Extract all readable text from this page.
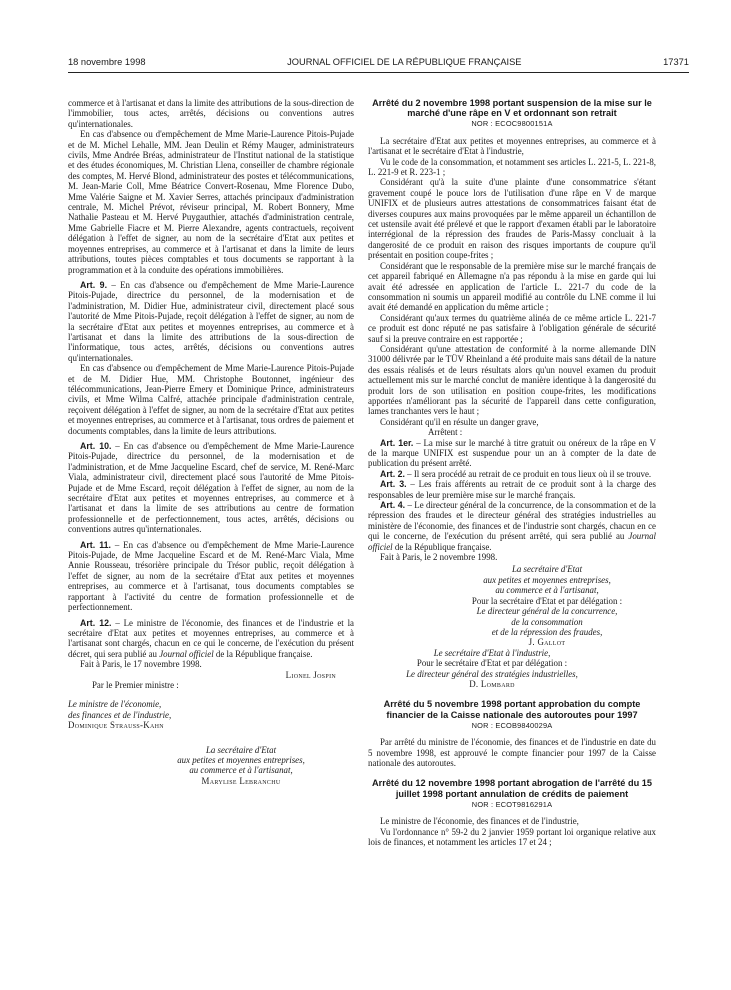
18 novembre 1998	JOURNAL OFFICIEL DE LA RÉPUBLIQUE FRANÇAISE	17371

commerce et à l'artisanat et dans la limite des attributions de la sous-direction de l'immobilier, tous actes, arrêtés, décisions ou conventions autres qu'internationales.

En cas d'absence ou d'empêchement de Mme Marie-Laurence Pitois-Pujade et de M. Michel Lehalle, MM. Jean Deulin et Rémy Mauger, administrateurs civils, Mme Andrée Bréas, administrateur de l'Institut national de la statistique et des études économiques, M. Christian Llena, conseiller de chambre régionale des comptes, M. Hervé Blond, administrateur des postes et télécommunications, M. Jean-Marie Coll, Mme Béatrice Convert-Rosenau, Mme Florence Dubo, Mme Valérie Saigne et M. Xavier Serres, attachés principaux d'administration centrale, M. Michel Prévot, réviseur principal, M. Robert Bonnery, Mme Nathalie Pasteau et M. Hervé Puygauthier, attachés d'administration centrale, Mme Gabrielle Fiacre et M. Pierre Alexandre, agents contractuels, reçoivent délégation à l'effet de signer, au nom de la secrétaire d'Etat aux petites et moyennes entreprises, au commerce et à l'artisanat et dans la limite de leurs attributions, toutes pièces comptables et tous documents se rapportant à la programmation et à la conduite des opérations immobilières.

Art. 9. – En cas d'absence ou d'empêchement de Mme Marie-Laurence Pitois-Pujade, directrice du personnel, de la modernisation et de l'administration, M. Didier Hue, administrateur civil, directement placé sous l'autorité de Mme Pitois-Pujade, reçoit délégation à l'effet de signer, au nom de la secrétaire d'Etat aux petites et moyennes entreprises, au commerce et à l'artisanat et dans la limite des attributions de la sous-direction de l'informatique, tous actes, arrêtés, décisions ou conventions autres qu'internationales.

En cas d'absence ou d'empêchement de Mme Marie-Laurence Pitois-Pujade et de M. Didier Hue, MM. Christophe Boutonnet, ingénieur des télécommunications, Jean-Pierre Emery et Dominique Prince, administrateurs civils, et Mme Wilma Calfré, attachée principale d'administration centrale, reçoivent délégation à l'effet de signer, au nom de la secrétaire d'Etat aux petites et moyennes entreprises, au commerce et à l'artisanat, tous ordres de paiement et documents comptables, dans la limite de leurs attributions.

Art. 10. – En cas d'absence ou d'empêchement de Mme Marie-Laurence Pitois-Pujade, directrice du personnel, de la modernisation et de l'administration, et de Mme Jacqueline Escard, chef de service, M. René-Marc Viala, administrateur civil, directement placé sous l'autorité de Mme Pitois-Pujade et de Mme Escard, reçoit délégation à l'effet de signer, au nom de la secrétaire d'Etat aux petites et moyennes entreprises, au commerce et à l'artisanat et dans la limite de ses attributions au centre de formation professionnelle et de perfectionnement, tous actes, arrêtés, décisions ou conventions autres qu'internationales.

Art. 11. – En cas d'absence ou d'empêchement de Mme Marie-Laurence Pitois-Pujade, de Mme Jacqueline Escard et de M. René-Marc Viala, Mme Annie Rousseau, trésorière principale du Trésor public, reçoit délégation à l'effet de signer, au nom de la secrétaire d'Etat aux petites et moyennes entreprises, au commerce et à l'artisanat, tous documents comptables se rapportant à l'activité du centre de formation professionnelle et de perfectionnement.

Art. 12. – Le ministre de l'économie, des finances et de l'industrie et la secrétaire d'Etat aux petites et moyennes entreprises, au commerce et à l'artisanat sont chargés, chacun en ce qui le concerne, de l'exécution du présent décret, qui sera publié au Journal officiel de la République française.

Fait à Paris, le 17 novembre 1998.

Lionel Jospin

Par le Premier ministre :

Le ministre de l'économie,

des finances et de l'industrie,

Dominique Strauss-Kahn

La secrétaire d'Etat

aux petites et moyennes entreprises,

au commerce et à l'artisanat,

Marylise Lebranchu

Arrêté du 2 novembre 1998 portant suspension de la mise sur le marché d'une râpe en V et ordonnant son retrait
NOR : ECOC9800151A

La secrétaire d'Etat aux petites et moyennes entreprises, au commerce et à l'artisanat et le secrétaire d'Etat à l'industrie,

Vu le code de la consommation, et notamment ses articles L. 221-5, L. 221-8, L. 221-9 et R. 223-1 ;

Considérant qu'à la suite d'une plainte d'une consommatrice s'étant gravement coupé le pouce lors de l'utilisation d'une râpe en V de marque UNIFIX et de plusieurs autres attestations de consommatrices faisant état de diverses coupures aux mains provoquées par le même appareil un échantillon de cet ustensile avait été prélevé et que le rapport d'examen établi par le laboratoire interrégional de la répression des fraudes de Paris-Massy concluait à la dangerosité de ce produit en raison des risques importants de coupure qu'il présentait en position coupe-frites ;

Considérant que le responsable de la première mise sur le marché français de cet appareil fabriqué en Allemagne n'a pas répondu à la mise en garde qui lui avait été adressée en application de l'article L. 221-7 du code de la consommation ni soumis un appareil modifié au contrôle du LNE comme il lui avait été demandé en application du même article ;

Considérant qu'aux termes du quatrième alinéa de ce même article L. 221-7 ce produit est donc réputé ne pas satisfaire à l'obligation générale de sécurité sauf si la preuve contraire en est rapportée ;

Considérant qu'une attestation de conformité à la norme allemande DIN 31000 délivrée par le TÜV Rheinland a été produite mais sans détail de la nature des essais réalisés et de leurs résultats alors qu'un nouvel examen du produit actuellement mis sur le marché conclut de manière identique à la dangerosité du produit lors de son utilisation en position coupe-frites, les modifications apportées n'améliorant pas la sécurité de l'appareil dans cette configuration, lames tranchantes vers le haut ;

Considérant qu'il en résulte un danger grave,

Arrêtent :

Art. 1er. – La mise sur le marché à titre gratuit ou onéreux de la râpe en V de la marque UNIFIX est suspendue pour un an à compter de la date de publication du présent arrêté.

Art. 2. – Il sera procédé au retrait de ce produit en tous lieux où il se trouve.

Art. 3. – Les frais afférents au retrait de ce produit sont à la charge des responsables de leur première mise sur le marché français.

Art. 4. – Le directeur général de la concurrence, de la consommation et de la répression des fraudes et le directeur général des stratégies industrielles au ministère de l'économie, des finances et de l'industrie sont chargés, chacun en ce qui le concerne, de l'exécution du présent arrêté, qui sera publié au Journal officiel de la République française.

Fait à Paris, le 2 novembre 1998.

La secrétaire d'Etat

aux petites et moyennes entreprises,

au commerce et à l'artisanat,

Pour la secrétaire d'Etat et par délégation :

Le directeur général de la concurrence,

de la consommation

et de la répression des fraudes,

J. Gallot

Le secrétaire d'Etat à l'industrie,

Pour le secrétaire d'Etat et par délégation :

Le directeur général des stratégies industrielles,

D. Lombard

Arrêté du 5 novembre 1998 portant approbation du compte financier de la Caisse nationale des autoroutes pour 1997
NOR : ECOB9840029A

Par arrêté du ministre de l'économie, des finances et de l'industrie en date du 5 novembre 1998, est approuvé le compte financier pour 1997 de la Caisse nationale des autoroutes.

Arrêté du 12 novembre 1998 portant abrogation de l'arrêté du 15 juillet 1998 portant annulation de crédits de paiement
NOR : ECOT9816291A

Le ministre de l'économie, des finances et de l'industrie,

Vu l'ordonnance n° 59-2 du 2 janvier 1959 portant loi organique relative aux lois de finances, et notamment les articles 17 et 24 ;
